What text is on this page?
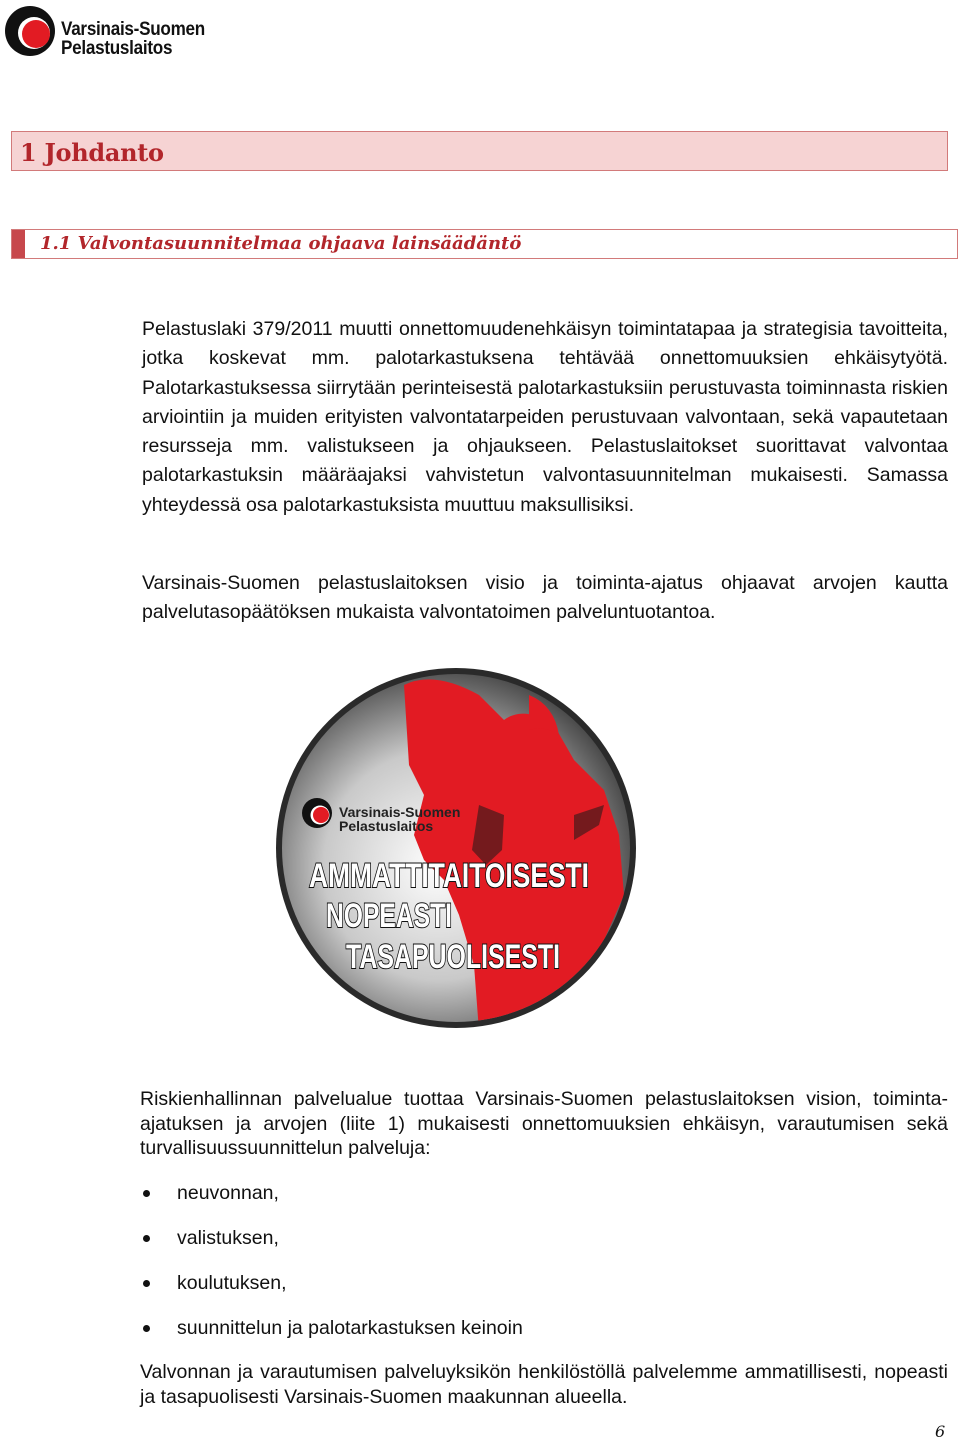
Varsinais-Suomen
Pelastuslaitos
1 Johdanto
1.1 Valvontasuunnitelmaa ohjaava lainsäädäntö

Pelastuslaki 379/2011 muutti onnettomuudenehkäisyn toimintatapaa ja strategisia tavoitteita, jotka koskevat mm. palotarkastuksena tehtävää onnettomuuksien ehkäisytyötä. Palotarkastuksessa siirrytään perinteisestä palotarkastuksiin perustuvasta toiminnasta riskien arviointiin ja muiden erityisten valvontatarpeiden perustuvaan valvontaan, sekä vapautetaan resursseja mm. valistukseen ja ohjaukseen. Pelastuslaitokset suorittavat valvontaa palotarkastuksin määräajaksi vahvistetun valvontasuunnitelman mukaisesti. Samassa yhteydessä osa palotarkastuksista muuttuu maksullisiksi.

Varsinais-Suomen pelastuslaitoksen visio ja toiminta-ajatus ohjaavat arvojen kautta palvelutasopäätöksen mukaista valvontatoimen palveluntuotantoa.

Varsinais-Suomen
Pelastuslaitos
AMMATTITAITOISESTI
NOPEASTI
TASAPUOLISESTI

Riskienhallinnan palvelualue tuottaa Varsinais-Suomen pelastuslaitoksen vision, toiminta-ajatuksen ja arvojen (liite 1) mukaisesti onnettomuuksien ehkäisyn, varautumisen sekä turvallisuussuunnittelun palveluja:

neuvonnan,
valistuksen,
koulutuksen,
suunnittelun ja palotarkastuksen keinoin

Valvonnan ja varautumisen palveluyksikön henkilöstöllä palvelemme ammatillisesti, nopeasti ja tasapuolisesti Varsinais-Suomen maakunnan alueella.

6
